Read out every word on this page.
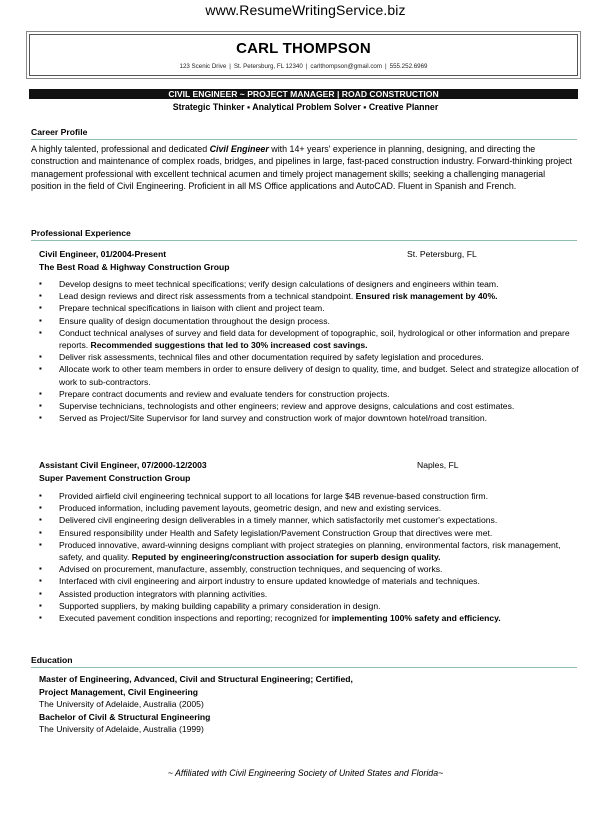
www.ResumeWritingService.biz
CARL THOMPSON
123 Scenic Drive | St. Petersburg, FL 12340 | carlthompson@gmail.com | 555.252.6969
CIVIL ENGINEER ~ PROJECT MANAGER | ROAD CONSTRUCTION
Strategic Thinker ▪ Analytical Problem Solver ▪ Creative Planner
Career Profile
A highly talented, professional and dedicated Civil Engineer with 14+ years' experience in planning, designing, and directing the construction and maintenance of complex roads, bridges, and pipelines in large, fast-paced construction industry. Forward-thinking project management professional with excellent technical acumen and timely project management skills; seeking a challenging managerial position in the field of Civil Engineering. Proficient in all MS Office applications and AutoCAD. Fluent in Spanish and French.
Professional Experience
Civil Engineer, 01/2004-Present	St. Petersburg, FL
The Best Road & Highway Construction Group
▪ Develop designs to meet technical specifications; verify design calculations of designers and engineers within team.
▪ Lead design reviews and direct risk assessments from a technical standpoint. Ensured risk management by 40%.
▪ Prepare technical specifications in liaison with client and project team.
▪ Ensure quality of design documentation throughout the design process.
▪ Conduct technical analyses of survey and field data for development of topographic, soil, hydrological or other information and prepare reports. Recommended suggestions that led to 30% increased cost savings.
▪ Deliver risk assessments, technical files and other documentation required by safety legislation and procedures.
▪ Allocate work to other team members in order to ensure delivery of design to quality, time, and budget. Select and strategize allocation of work to sub-contractors.
▪ Prepare contract documents and review and evaluate tenders for construction projects.
▪ Supervise technicians, technologists and other engineers; review and approve designs, calculations and cost estimates.
▪ Served as Project/Site Supervisor for land survey and construction work of major downtown hotel/road transition.
Assistant Civil Engineer, 07/2000-12/2003	Naples, FL
Super Pavement Construction Group
▪ Provided airfield civil engineering technical support to all locations for large $4B revenue-based construction firm.
▪ Produced information, including pavement layouts, geometric design, and new and existing services.
▪ Delivered civil engineering design deliverables in a timely manner, which satisfactorily met customer's expectations.
▪ Ensured responsibility under Health and Safety legislation/Pavement Construction Group that directives were met.
▪ Produced innovative, award-winning designs compliant with project strategies on planning, environmental factors, risk management, safety, and quality. Reputed by engineering/construction association for superb design quality.
▪ Advised on procurement, manufacture, assembly, construction techniques, and sequencing of works.
▪ Interfaced with civil engineering and airport industry to ensure updated knowledge of materials and techniques.
▪ Assisted production integrators with planning activities.
▪ Supported suppliers, by making building capability a primary consideration in design.
▪ Executed pavement condition inspections and reporting; recognized for implementing 100% safety and efficiency.
Education
Master of Engineering, Advanced, Civil and Structural Engineering; Certified,
Project Management, Civil Engineering
The University of Adelaide, Australia (2005)
Bachelor of Civil & Structural Engineering
The University of Adelaide, Australia (1999)
~ Affiliated with Civil Engineering Society of United States and Florida~
